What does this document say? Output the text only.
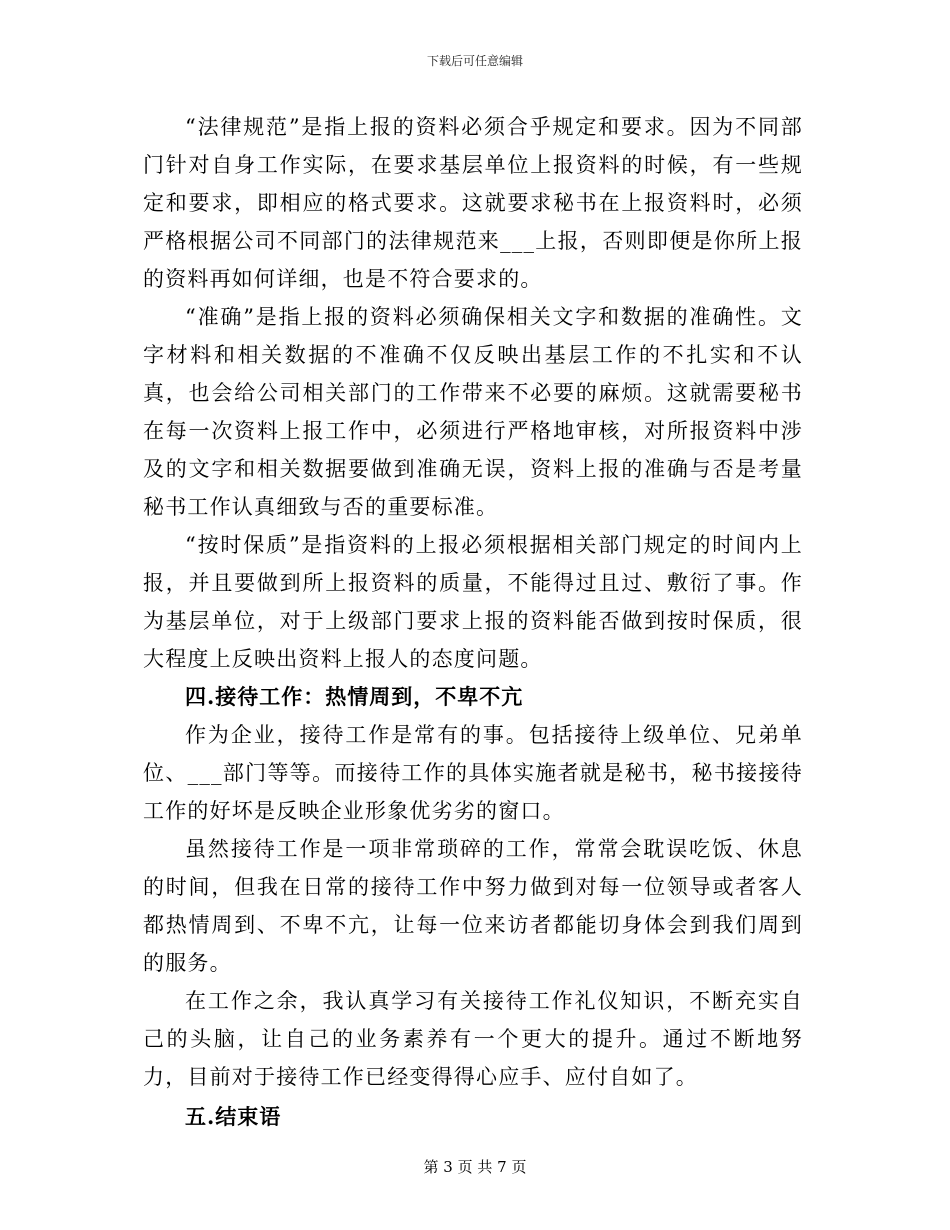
下载后可任意编辑

“法律规范”是指上报的资料必须合乎规定和要求。因为不同部门针对自身工作实际，在要求基层单位上报资料的时候，有一些规定和要求，即相应的格式要求。这就要求秘书在上报资料时，必须严格根据公司不同部门的法律规范来___上报，否则即便是你所上报的资料再如何详细，也是不符合要求的。

“准确”是指上报的资料必须确保相关文字和数据的准确性。文字材料和相关数据的不准确不仅反映出基层工作的不扎实和不认真，也会给公司相关部门的工作带来不必要的麻烦。这就需要秘书在每一次资料上报工作中，必须进行严格地审核，对所报资料中涉及的文字和相关数据要做到准确无误，资料上报的准确与否是考量秘书工作认真细致与否的重要标准。

“按时保质”是指资料的上报必须根据相关部门规定的时间内上报，并且要做到所上报资料的质量，不能得过且过、敷衍了事。作为基层单位，对于上级部门要求上报的资料能否做到按时保质，很大程度上反映出资料上报人的态度问题。

四.接待工作：热情周到，不卑不亢

作为企业，接待工作是常有的事。包括接待上级单位、兄弟单位、___部门等等。而接待工作的具体实施者就是秘书，秘书接接待工作的好坏是反映企业形象优劣劣的窗口。

虽然接待工作是一项非常琐碎的工作，常常会耽误吃饭、休息的时间，但我在日常的接待工作中努力做到对每一位领导或者客人都热情周到、不卑不亢，让每一位来访者都能切身体会到我们周到的服务。

在工作之余，我认真学习有关接待工作礼仪知识，不断充实自己的头脑，让自己的业务素养有一个更大的提升。通过不断地努力，目前对于接待工作已经变得得心应手、应付自如了。

五.结束语

第 3 页 共 7 页
